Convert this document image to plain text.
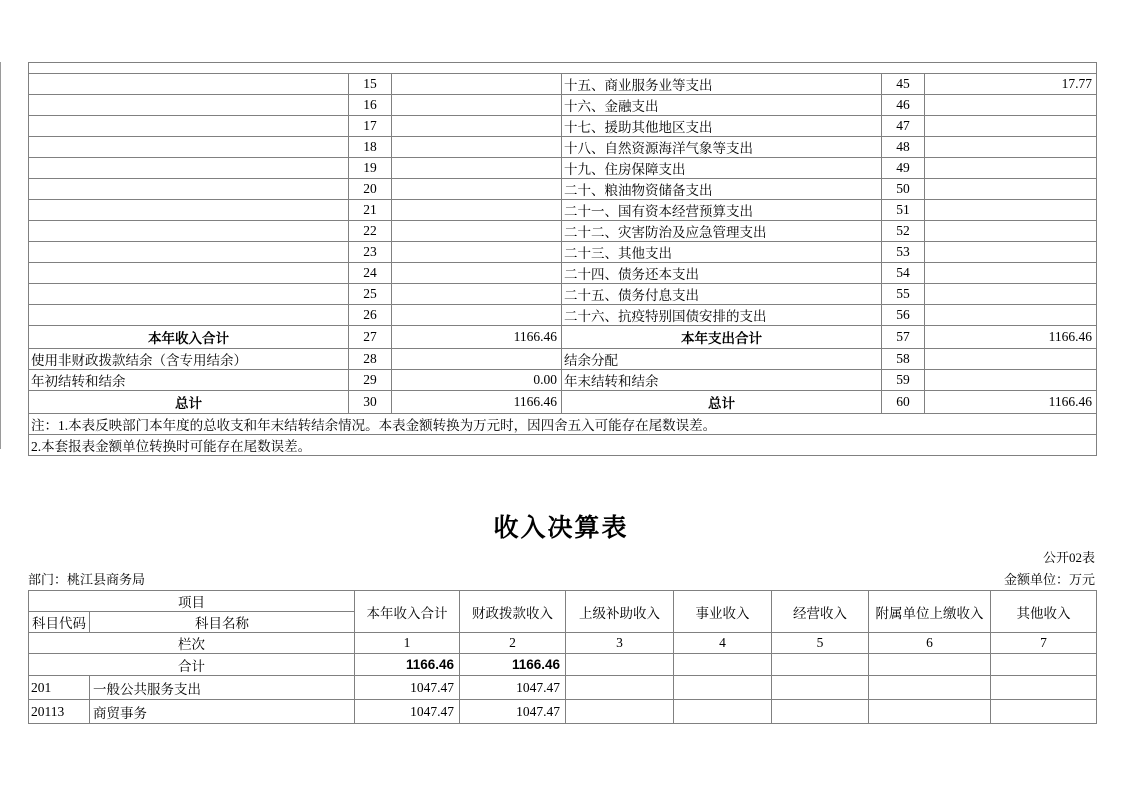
	15		十五、商业服务业等支出	45	17.77
	16		十六、金融支出	46	
	17		十七、援助其他地区支出	47	
	18		十八、自然资源海洋气象等支出	48	
	19		十九、住房保障支出	49	
	20		二十、粮油物资储备支出	50	
	21		二十一、国有资本经营预算支出	51	
	22		二十二、灾害防治及应急管理支出	52	
	23		二十三、其他支出	53	
	24		二十四、债务还本支出	54	
	25		二十五、债务付息支出	55	
	26		二十六、抗疫特别国债安排的支出	56	
本年收入合计	27	1166.46	本年支出合计	57	1166.46
使用非财政拨款结余（含专用结余）	28		结余分配	58	
年初结转和结余	29	0.00	年末结转和结余	59	
总计	30	1166.46	总计	60	1166.46
注：1.本表反映部门本年度的总收支和年末结转结余情况。本表金额转换为万元时，因四舍五入可能存在尾数误差。					
2.本套报表金额单位转换时可能存在尾数误差。					
收入决算表
公开02表
部门：桃江县商务局	金额单位：万元
项目		本年收入合计	财政拨款收入	上级补助收入	事业收入	经营收入	附属单位上缴收入	其他收入
科目代码	科目名称							
栏次		1	2	3	4	5	6	7
合计		1166.46	1166.46					
201	一般公共服务支出	1047.47	1047.47					
20113	商贸事务	1047.47	1047.47					
